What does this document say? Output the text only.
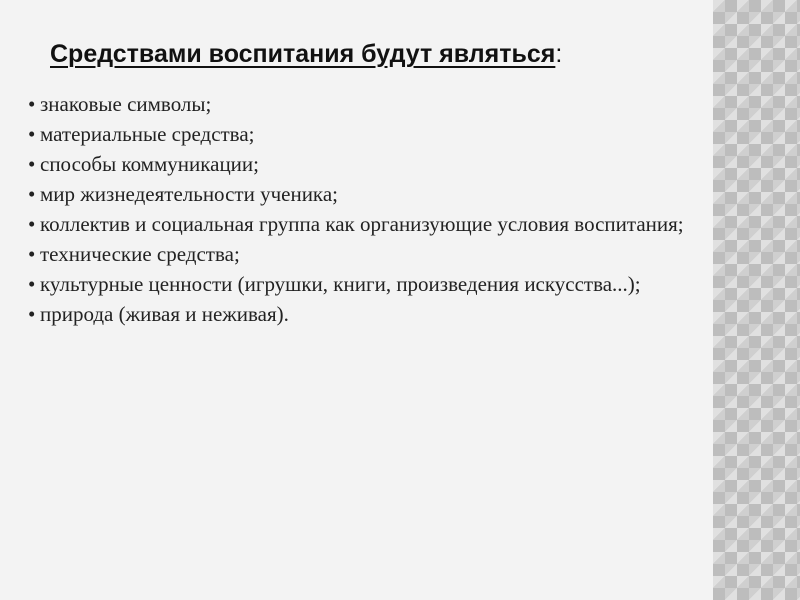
Средствами воспитания будут являться:
• знаковые символы;
• материальные средства;
• способы коммуникации;
• мир жизнедеятельности ученика;
• коллектив и социальная группа как организующие условия воспитания;
• технические средства;
• культурные ценности (игрушки, книги, произведения искусства...);
• природа (живая и неживая).
